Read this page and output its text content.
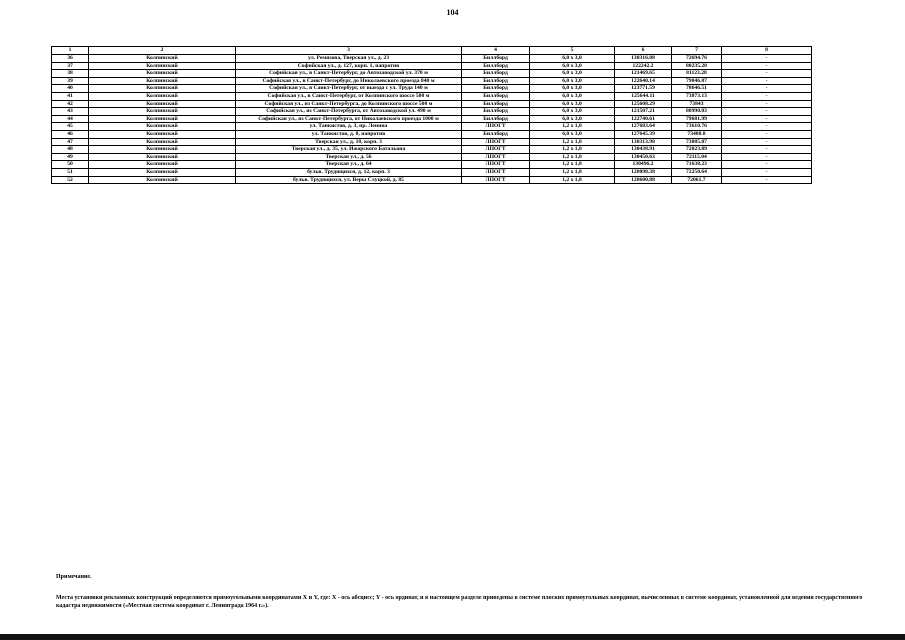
104
1	2	3	4	5	6	7	8
36	Колпинский	ул. Ремизова, Тверская ул., д. 23	Биллборд	6,0 х 3,0	130316.08	72694.76	-
37	Колпинский	Софийская ул., д. 127, корп. 1, напротив	Биллборд	6,0 х 3,0	122242.2	80235.28	-
38	Колпинский	Софийская ул., в Санкт-Петербург, до Автозаводской ул. 370 м	Биллборд	6,0 х 3,0	121469.65	81123.28	-
39	Колпинский	Софийская ул., в Санкт-Петербург, до Николаевского проезда 840 м	Биллборд	6,0 х 3,0	122640.14	79846.87	-
40	Колпинский	Софийская ул., в Санкт-Петербург, от выезда с ул. Труда 140 м	Биллборд	6,0 х 3,0	123771.59	78646.51	-
41	Колпинский	Софийская ул., в Санкт-Петербург, от Колпинского шоссе 500 м	Биллборд	6,0 х 3,0	125644.11	73873.13	-
42	Колпинский	Софийская ул., из Санкт-Петербурга, до Колпинского шоссе 500 м	Биллборд	6,0 х 3,0	125608.29	73843	-
43	Колпинский	Софийская ул., из Санкт-Петербурга, от Автозаводской ул. 490 м	Биллборд	6,0 х 3,0	121507.21	80990.03	-
44	Колпинский	Софийская ул., из Санкт-Петербурга, от Николаевского проезда 1000 м	Биллборд	6,0 х 3,0	122740.61	79681.99	-
45	Колпинский	ул. Танкистов, д. 3, пр. Ленина	ЛПОГТ	1,2 х 1,8	127683.64	73610.76	-
46	Колпинский	ул. Танкистов, д. 8, напротив	Биллборд	6,0 х 3,0	127645.39	73408.8	-
47	Колпинский	Тверская ул., д. 18, корп. 3	ЛПОГТ	1,2 х 1,8	130313.98	73085.07	-
48	Колпинский	Тверская ул., д. 35, ул. Ижорского Батальона	ЛПОГТ	1,2 х 1,8	130438.91	72023.89	-
49	Колпинский	Тверская ул., д. 56	ЛПОГТ	1,2 х 1,8	130450.63	72115.04	-
50	Колпинский	Тверская ул., д. 64	ЛПОГТ	1,2 х 1,8	130496.2	71638.23	-
51	Колпинский	бульв. Трудящихся, д. 12, корп. 3	ЛПОГТ	1,2 х 1,8	128098.38	72250.64	-
52	Колпинский	бульв. Трудящихся, ул. Веры Слуцкой, д. 85	ЛПОГТ	1,2 х 1,8	128600.88	72061.7	-
Примечание.
Места установки рекламных конструкций определяются прямоугольными координатами X и Y, где: X - ось абсцисс; Y - ось ординат, и в настоящем разделе приведены в системе плоских прямоугольных координат, вычисленных в системе координат, установленной для ведения государственного кадастра недвижимости («Местная система координат г. Ленинграда 1964 г.»).
